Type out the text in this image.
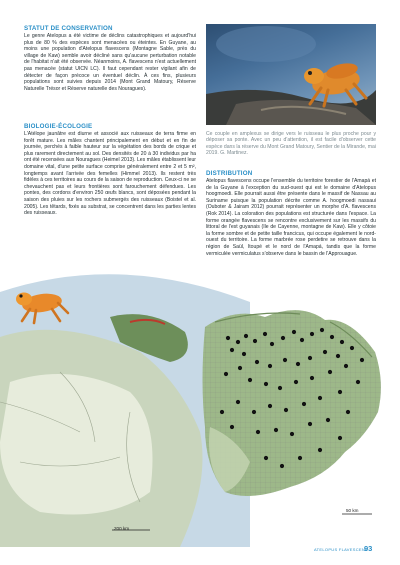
STATUT DE CONSERVATION
Le genre Atelopus a été victime de déclins catastrophiques et aujourd'hui plus de 80 % des espèces sont menacées ou éteintes. En Guyane, au moins une population d'Atelopus flavescens (Montagne Sable, près du village de Kaw) semble avoir décliné sans qu'aucune perturbation notable de l'habitat n'ait été observée. Néanmoins, A. flavescens n'est actuellement pas menacée (statut UICN LC). Il faut cependant rester vigilant afin de détecter de façon précoce un éventuel déclin. À ces fins, plusieurs populations sont suivies depuis 2014 (Mont Grand Matoury, Réserve Naturelle Trésor et Réserve naturelle des Nouragues).
BIOLOGIE-ÉCOLOGIE
L'Atélope jaunâtre est diurne et associé aux ruisseaux de terra firme en forêt mature. Les mâles chantent principalement en début et en fin de journée, perchés à faible hauteur sur la végétation des bords de crique et plus rarement directement au sol. Des densités de 20 à 30 individus par ha ont été recensées aux Nouragues (Heimel 2013). Les mâles établissent leur domaine vital, d'une petite surface comprise généralement entre 2 et 5 m², longtemps avant l'arrivée des femelles (Himmel 2013). Ils restent très fidèles à ces territoires au cours de la saison de reproduction. Ceux-ci ne se chevauchent pas et leurs frontières sont farouchement défendues. Les pontes, des cordons d'environ 250 œufs blancs, sont déposées pendant la saison des pluies sur les rochers submergés des ruisseaux (Boistel et al. 2005). Les têtards, fixés au substrat, se concentrent dans les parties lentes des ruisseaux.
Ce couple en amplexus se dirige vers le ruisseau le plus proche pour y déposer sa ponte. Avec un peu d'attention, il est facile d'observer cette espèce dans la réserve du Mont Grand Matoury, Sentier de la Mirande, mai 2019. G. Martinez.
DISTRIBUTION
Atelopus flavescens occupe l'ensemble du territoire forestier de l'Amapá et de la Guyane à l'exception du sud-ouest qui est le domaine d'Atelopus hoogmoedi. Elle pourrait aussi être présente dans le massif de Nassau au Suriname puisque la population décrite comme A. hoogmoedi nassaui (Ouboter & Jairam 2012) pourrait représenter un morphe d'A. flavescens (Rok 2014). La coloration des populations est structurée dans l'espace. La forme orangée flavescens se rencontre exclusivement sur les massifs du littoral de l'est guyanais (Ile de Cayenne, montagne de Kaw). Elle y côtoie la forme sombre et de petite taille francicus, qui occupe également le nord-ouest du territoire. La forme marbrée rose perdetire se retrouve dans la région de Saül, Itoupé et le nord de l'Amapá, tandis que la forme vermiculée vermiculatus s'observe dans le bassin de l'Approuague.
200 km
50 km
ATELOPUS FLAVESCENS
93
